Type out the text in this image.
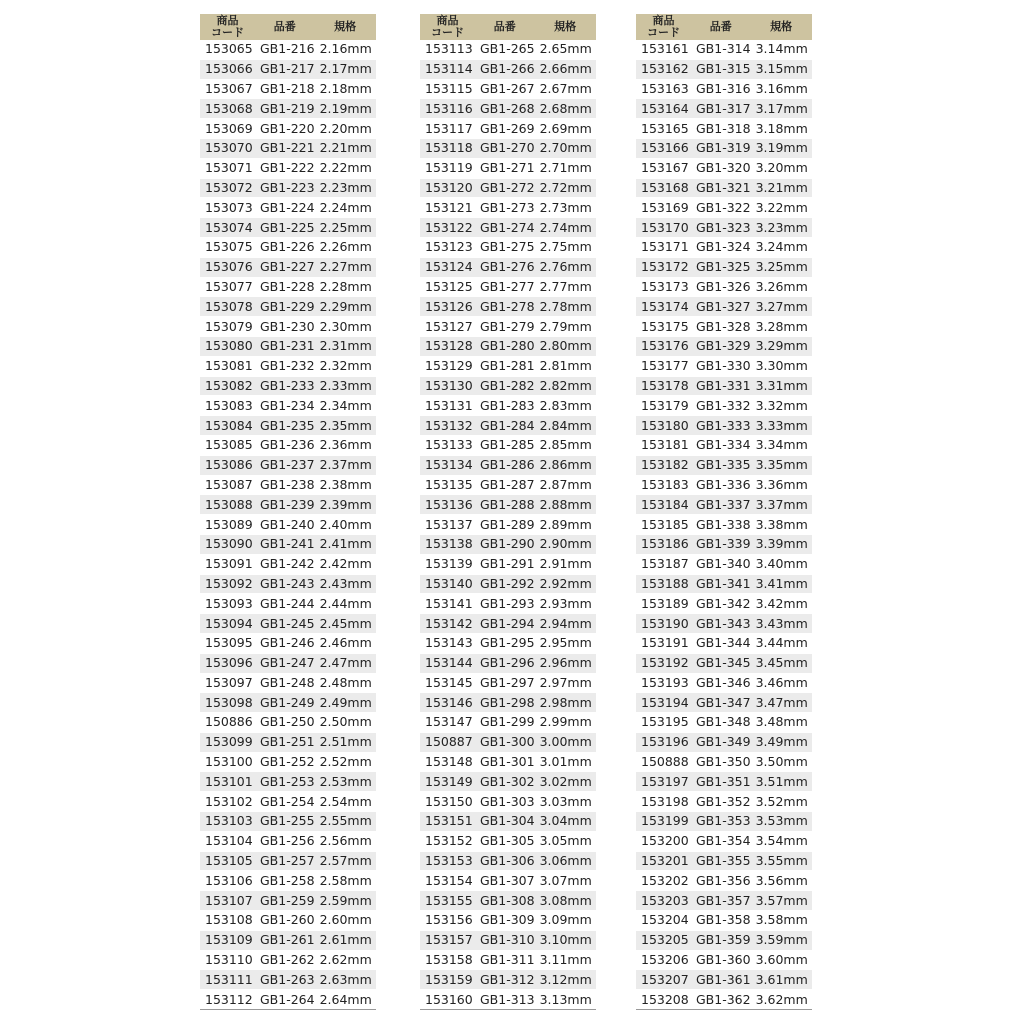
商品
コード	品番	規格
153065	GB1-216	2.16mm
153066	GB1-217	2.17mm
153067	GB1-218	2.18mm
153068	GB1-219	2.19mm
153069	GB1-220	2.20mm
153070	GB1-221	2.21mm
153071	GB1-222	2.22mm
153072	GB1-223	2.23mm
153073	GB1-224	2.24mm
153074	GB1-225	2.25mm
153075	GB1-226	2.26mm
153076	GB1-227	2.27mm
153077	GB1-228	2.28mm
153078	GB1-229	2.29mm
153079	GB1-230	2.30mm
153080	GB1-231	2.31mm
153081	GB1-232	2.32mm
153082	GB1-233	2.33mm
153083	GB1-234	2.34mm
153084	GB1-235	2.35mm
153085	GB1-236	2.36mm
153086	GB1-237	2.37mm
153087	GB1-238	2.38mm
153088	GB1-239	2.39mm
153089	GB1-240	2.40mm
153090	GB1-241	2.41mm
153091	GB1-242	2.42mm
153092	GB1-243	2.43mm
153093	GB1-244	2.44mm
153094	GB1-245	2.45mm
153095	GB1-246	2.46mm
153096	GB1-247	2.47mm
153097	GB1-248	2.48mm
153098	GB1-249	2.49mm
150886	GB1-250	2.50mm
153099	GB1-251	2.51mm
153100	GB1-252	2.52mm
153101	GB1-253	2.53mm
153102	GB1-254	2.54mm
153103	GB1-255	2.55mm
153104	GB1-256	2.56mm
153105	GB1-257	2.57mm
153106	GB1-258	2.58mm
153107	GB1-259	2.59mm
153108	GB1-260	2.60mm
153109	GB1-261	2.61mm
153110	GB1-262	2.62mm
153111	GB1-263	2.63mm
153112	GB1-264	2.64mm
商品
コード	品番	規格
153113	GB1-265	2.65mm
153114	GB1-266	2.66mm
153115	GB1-267	2.67mm
153116	GB1-268	2.68mm
153117	GB1-269	2.69mm
153118	GB1-270	2.70mm
153119	GB1-271	2.71mm
153120	GB1-272	2.72mm
153121	GB1-273	2.73mm
153122	GB1-274	2.74mm
153123	GB1-275	2.75mm
153124	GB1-276	2.76mm
153125	GB1-277	2.77mm
153126	GB1-278	2.78mm
153127	GB1-279	2.79mm
153128	GB1-280	2.80mm
153129	GB1-281	2.81mm
153130	GB1-282	2.82mm
153131	GB1-283	2.83mm
153132	GB1-284	2.84mm
153133	GB1-285	2.85mm
153134	GB1-286	2.86mm
153135	GB1-287	2.87mm
153136	GB1-288	2.88mm
153137	GB1-289	2.89mm
153138	GB1-290	2.90mm
153139	GB1-291	2.91mm
153140	GB1-292	2.92mm
153141	GB1-293	2.93mm
153142	GB1-294	2.94mm
153143	GB1-295	2.95mm
153144	GB1-296	2.96mm
153145	GB1-297	2.97mm
153146	GB1-298	2.98mm
153147	GB1-299	2.99mm
150887	GB1-300	3.00mm
153148	GB1-301	3.01mm
153149	GB1-302	3.02mm
153150	GB1-303	3.03mm
153151	GB1-304	3.04mm
153152	GB1-305	3.05mm
153153	GB1-306	3.06mm
153154	GB1-307	3.07mm
153155	GB1-308	3.08mm
153156	GB1-309	3.09mm
153157	GB1-310	3.10mm
153158	GB1-311	3.11mm
153159	GB1-312	3.12mm
153160	GB1-313	3.13mm
商品
コード	品番	規格
153161	GB1-314	3.14mm
153162	GB1-315	3.15mm
153163	GB1-316	3.16mm
153164	GB1-317	3.17mm
153165	GB1-318	3.18mm
153166	GB1-319	3.19mm
153167	GB1-320	3.20mm
153168	GB1-321	3.21mm
153169	GB1-322	3.22mm
153170	GB1-323	3.23mm
153171	GB1-324	3.24mm
153172	GB1-325	3.25mm
153173	GB1-326	3.26mm
153174	GB1-327	3.27mm
153175	GB1-328	3.28mm
153176	GB1-329	3.29mm
153177	GB1-330	3.30mm
153178	GB1-331	3.31mm
153179	GB1-332	3.32mm
153180	GB1-333	3.33mm
153181	GB1-334	3.34mm
153182	GB1-335	3.35mm
153183	GB1-336	3.36mm
153184	GB1-337	3.37mm
153185	GB1-338	3.38mm
153186	GB1-339	3.39mm
153187	GB1-340	3.40mm
153188	GB1-341	3.41mm
153189	GB1-342	3.42mm
153190	GB1-343	3.43mm
153191	GB1-344	3.44mm
153192	GB1-345	3.45mm
153193	GB1-346	3.46mm
153194	GB1-347	3.47mm
153195	GB1-348	3.48mm
153196	GB1-349	3.49mm
150888	GB1-350	3.50mm
153197	GB1-351	3.51mm
153198	GB1-352	3.52mm
153199	GB1-353	3.53mm
153200	GB1-354	3.54mm
153201	GB1-355	3.55mm
153202	GB1-356	3.56mm
153203	GB1-357	3.57mm
153204	GB1-358	3.58mm
153205	GB1-359	3.59mm
153206	GB1-360	3.60mm
153207	GB1-361	3.61mm
153208	GB1-362	3.62mm
